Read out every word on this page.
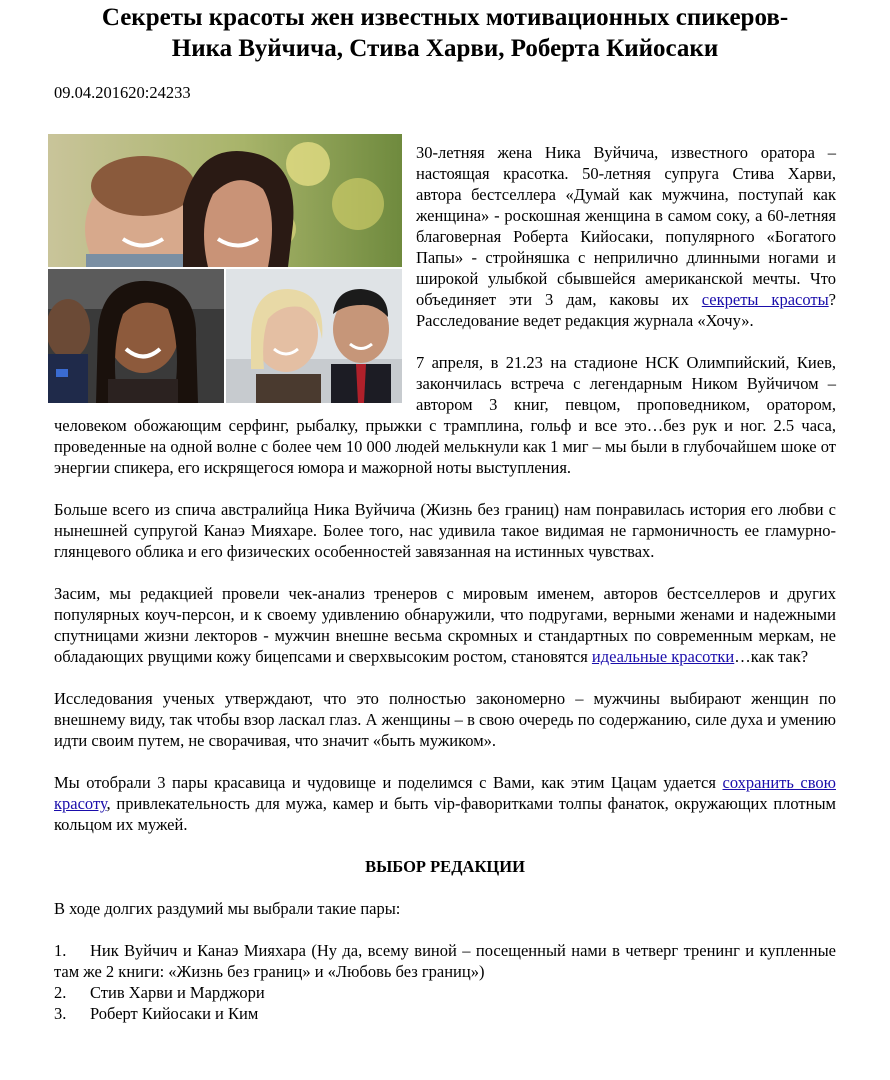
Секреты красоты жен известных мотивационных спикеров-
Ника Вуйчича, Стива Харви, Роберта Кийосаки
09.04.201620:24233

30-летняя жена Ника Вуйчича, известного оратора – настоящая красотка. 50-летняя супруга Стива Харви, автора бестселлера «Думай как мужчина, поступай как женщина» - роскошная женщина в самом соку, а 60-летняя благоверная Роберта Кийосаки, популярного «Богатого Папы» - стройняшка с неприлично длинными ногами и широкой улыбкой сбывшейся американской мечты. Что объединяет эти 3 дам, каковы их секреты красоты? Расследование ведет редакция журнала «Хочу».

7 апреля, в 21.23 на стадионе НСК Олимпийский, Киев, закончилась встреча с легендарным Ником Вуйчичом – автором 3 книг, певцом, проповедником, оратором, человеком обожающим серфинг, рыбалку, прыжки с трамплина, гольф и все это…без рук и ног. 2.5 часа, проведенные на одной волне с более чем 10 000 людей мелькнули как 1 миг – мы были в глубочайшем шоке от энергии спикера, его искрящегося юмора и мажорной ноты выступления.

Больше всего из спича австралийца Ника Вуйчича (Жизнь без границ) нам понравилась история его любви с нынешней супругой Канаэ Мияхаре. Более того, нас удивила такое видимая не гармоничность ее гламурно-глянцевого облика и его физических особенностей завязанная на истинных чувствах.

Засим, мы редакцией провели чек-анализ тренеров с мировым именем, авторов бестселлеров и других популярных коуч-персон, и к своему удивлению обнаружили, что подругами, верными женами и надежными спутницами жизни лекторов - мужчин внешне весьма скромных и стандартных по современным меркам, не обладающих рвущими кожу бицепсами и сверхвысоким ростом, становятся идеальные красотки…как так?

Исследования ученых утверждают, что это полностью закономерно – мужчины выбирают женщин по внешнему виду, так чтобы взор ласкал глаз. А женщины – в свою очередь по содержанию, силе духа и умению идти своим путем, не сворачивая, что значит «быть мужиком».

Мы отобрали 3 пары красавица и чудовище и поделимся с Вами, как этим Цацам удается сохранить свою красоту, привлекательность для мужа, камер и быть vip-фаворитками толпы фанаток, окружающих плотным кольцом их мужей.

ВЫБОР РЕДАКЦИИ

В ходе долгих раздумий мы выбрали такие пары:

1.	Ник Вуйчич и Канаэ Мияхара (Ну да, всему виной – посещенный нами в четверг тренинг и купленные там же 2 книги: «Жизнь без границ» и «Любовь без границ»)
2.	Стив Харви и Марджори
3.	Роберт Кийосаки и Ким
